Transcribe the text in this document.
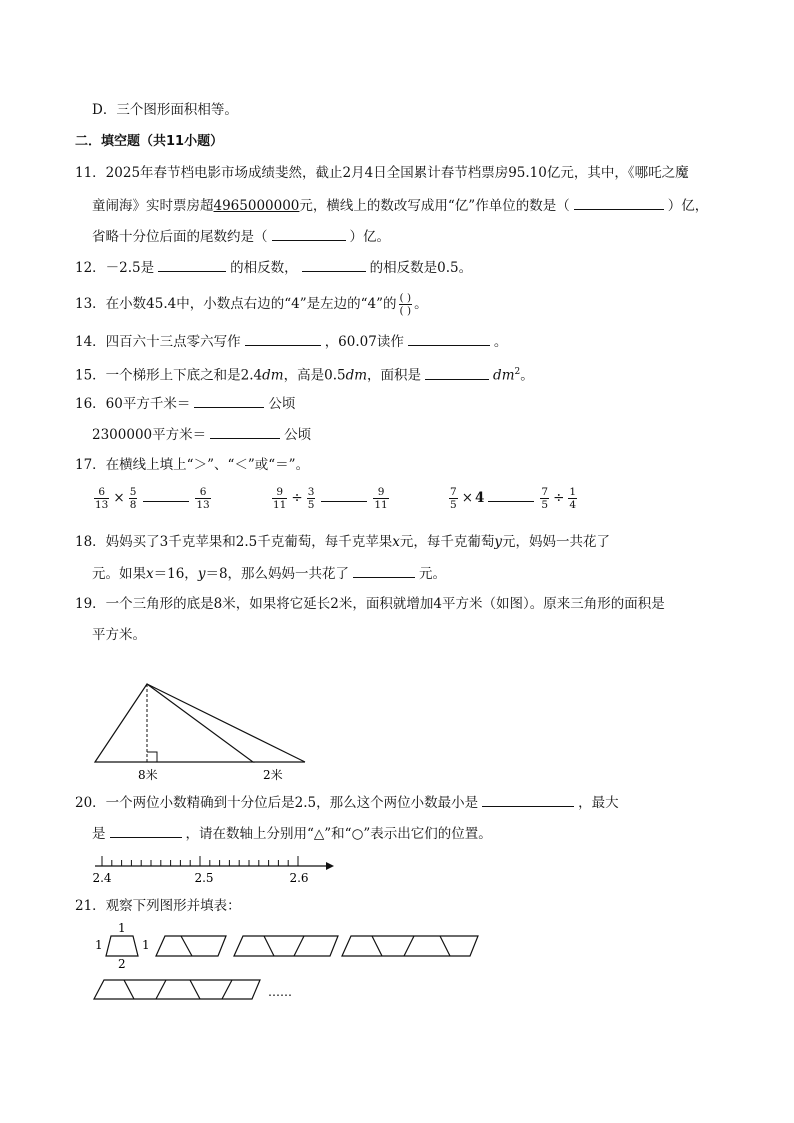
D．三个图形面积相等。
二．填空题（共11小题）
11．2025年春节档电影市场成绩斐然，截止2月4日全国累计春节档票房95.10亿元，其中，《哪吒之魔
童闹海》实时票房超4965000000元，横线上的数改写成用“亿”作单位的数是（	）亿，
省略十分位后面的尾数约是（	）亿。
12．－2.5是	的相反数，	的相反数是0.5。
13．在小数45.4中，小数点右边的“4”是左边的“4”的 $\frac{( )}{( )}$ 。
14．四百六十三点零六写作	，60.07读作	。
15．一个梯形上下底之和是2.4dm，高是0.5dm，面积是	$dm^2$。
16．60平方千米＝	公顷
2300000平方米＝	公顷
17．在横线上填上“＞”、“＜”或“＝”。
$\frac{6}{13} \times \frac{5}{8}$	$\frac{6}{13}$	$\frac{9}{11} \div \frac{3}{5}$	$\frac{9}{11}$	$\frac{7}{5} \times 4$	$\frac{7}{5} \div \frac{1}{4}$
18．妈妈买了3千克苹果和2.5千克葡萄，每千克苹果x元，每千克葡萄y元，妈妈一共花了
元。如果x＝16，y＝8，那么妈妈一共花了	元。
19．一个三角形的底是8米，如果将它延长2米，面积就增加4平方米（如图）。原来三角形的面积是
平方米。
8米	2米
20．一个两位小数精确到十分位后是2.5，那么这个两位小数最小是	，最大
是	，请在数轴上分别用“△”和“○”表示出它们的位置。
2.4	2.5	2.6
21．观察下列图形并填表：
1
1	1
2
……
